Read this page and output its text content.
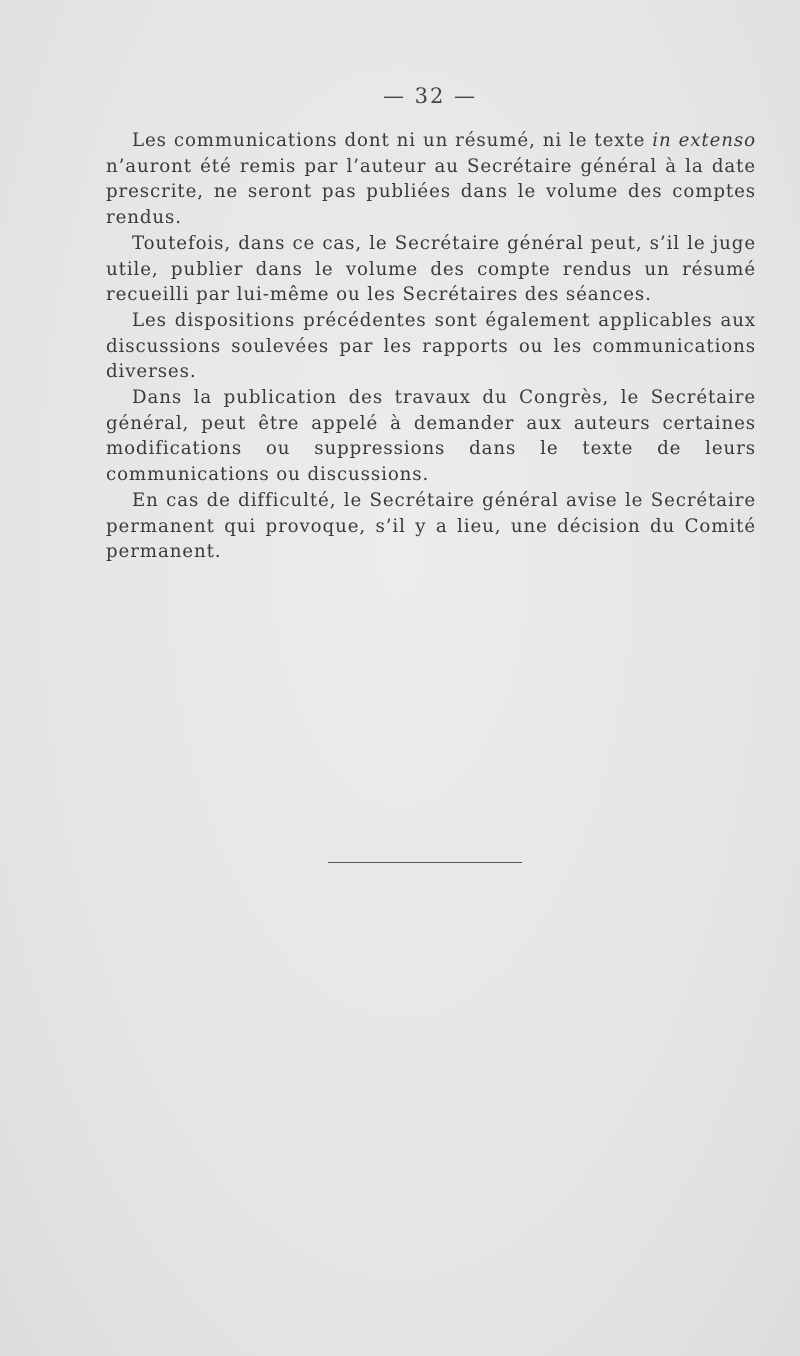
— 32 —

Les communications dont ni un résumé, ni le texte in extenso n’auront été remis par l’auteur au Secrétaire général à la date prescrite, ne seront pas publiées dans le volume des comptes rendus.

Toutefois, dans ce cas, le Secrétaire général peut, s’il le juge utile, publier dans le volume des compte rendus un résumé recueilli par lui-même ou les Secrétaires des séances.

Les dispositions précédentes sont également applicables aux discussions soulevées par les rapports ou les communications diverses.

Dans la publication des travaux du Congrès, le Secrétaire général, peut être appelé à demander aux auteurs certaines modifications ou suppressions dans le texte de leurs communications ou discussions.

En cas de difficulté, le Secrétaire général avise le Secrétaire permanent qui provoque, s’il y a lieu, une décision du Comité permanent.
